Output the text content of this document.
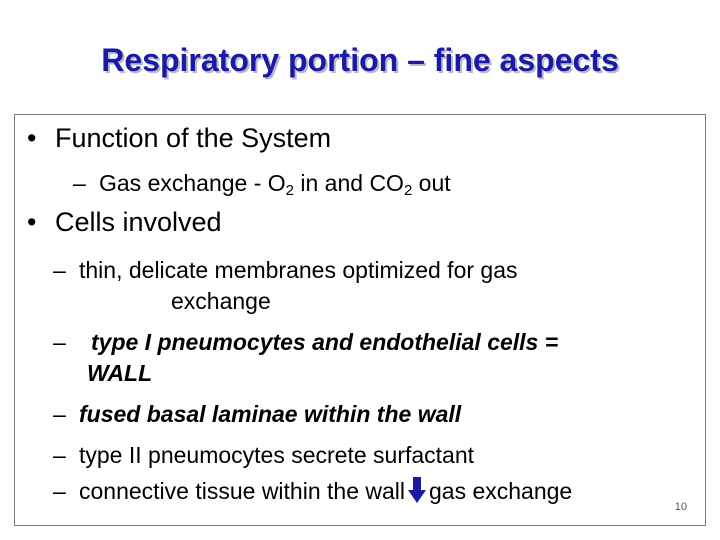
Respiratory portion – fine aspects
• Function of the System
– Gas exchange - $O_2$ in and $CO_2$ out
• Cells involved
– thin, delicate membranes optimized for gas
exchange
– type I pneumocytes and endothelial cells =
WALL
– fused basal laminae within the wall
– type II pneumocytes secrete surfactant
– connective tissue within the wall gas exchange
10
